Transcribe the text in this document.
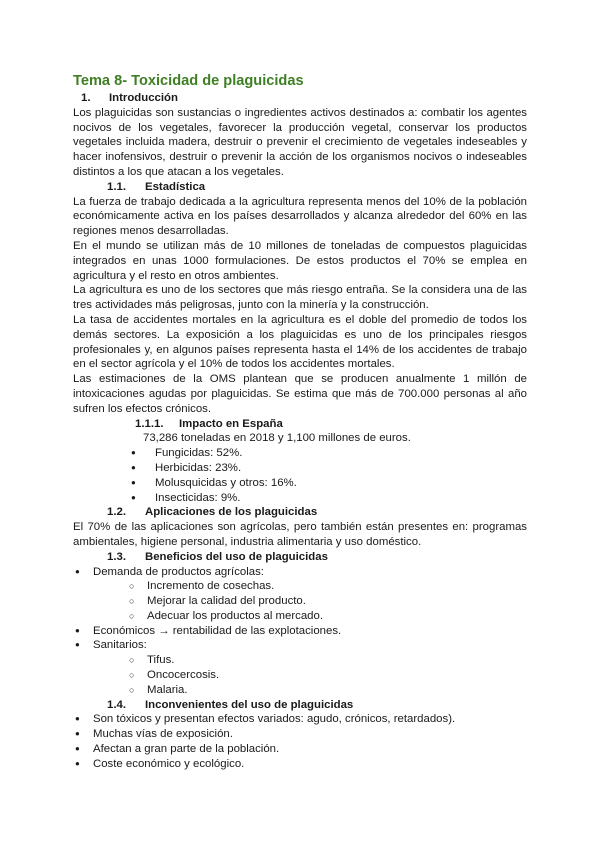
Tema 8- Toxicidad de plaguicidas
1. Introducción

Los plaguicidas son sustancias o ingredientes activos destinados a: combatir los agentes nocivos de los vegetales, favorecer la producción vegetal, conservar los productos vegetales incluida madera, destruir o prevenir el crecimiento de vegetales indeseables y hacer inofensivos, destruir o prevenir la acción de los organismos nocivos o indeseables distintos a los que atacan a los vegetales.

1.1. Estadística

La fuerza de trabajo dedicada a la agricultura representa menos del 10% de la población económicamente activa en los países desarrollados y alcanza alrededor del 60% en las regiones menos desarrolladas.

En el mundo se utilizan más de 10 millones de toneladas de compuestos plaguicidas integrados en unas 1000 formulaciones. De estos productos el 70% se emplea en agricultura y el resto en otros ambientes.

La agricultura es uno de los sectores que más riesgo entraña. Se la considera una de las tres actividades más peligrosas, junto con la minería y la construcción.

La tasa de accidentes mortales en la agricultura es el doble del promedio de todos los demás sectores. La exposición a los plaguicidas es uno de los principales riesgos profesionales y, en algunos países representa hasta el 14% de los accidentes de trabajo en el sector agrícola y el 10% de todos los accidentes mortales.

Las estimaciones de la OMS plantean que se producen anualmente 1 millón de intoxicaciones agudas por plaguicidas. Se estima que más de 700.000 personas al año sufren los efectos crónicos.

1.1.1. Impacto en España

73,286 toneladas en 2018 y 1,100 millones de euros.

● Fungicidas: 52%.
● Herbicidas: 23%.
● Molusquicidas y otros: 16%.
● Insecticidas: 9%.
1.2. Aplicaciones de los plaguicidas

El 70% de las aplicaciones son agrícolas, pero también están presentes en: programas ambientales, higiene personal, industria alimentaria y uso doméstico.

1.3. Beneficios del uso de plaguicidas
● Demanda de productos agrícolas:
○ Incremento de cosechas.
○ Mejorar la calidad del producto.
○ Adecuar los productos al mercado.
● Económicos → rentabilidad de las explotaciones.
● Sanitarios:
○ Tifus.
○ Oncocercosis.
○ Malaria.
1.4. Inconvenientes del uso de plaguicidas
● Son tóxicos y presentan efectos variados: agudo, crónicos, retardados).
● Muchas vías de exposición.
● Afectan a gran parte de la población.
● Coste económico y ecológico.
